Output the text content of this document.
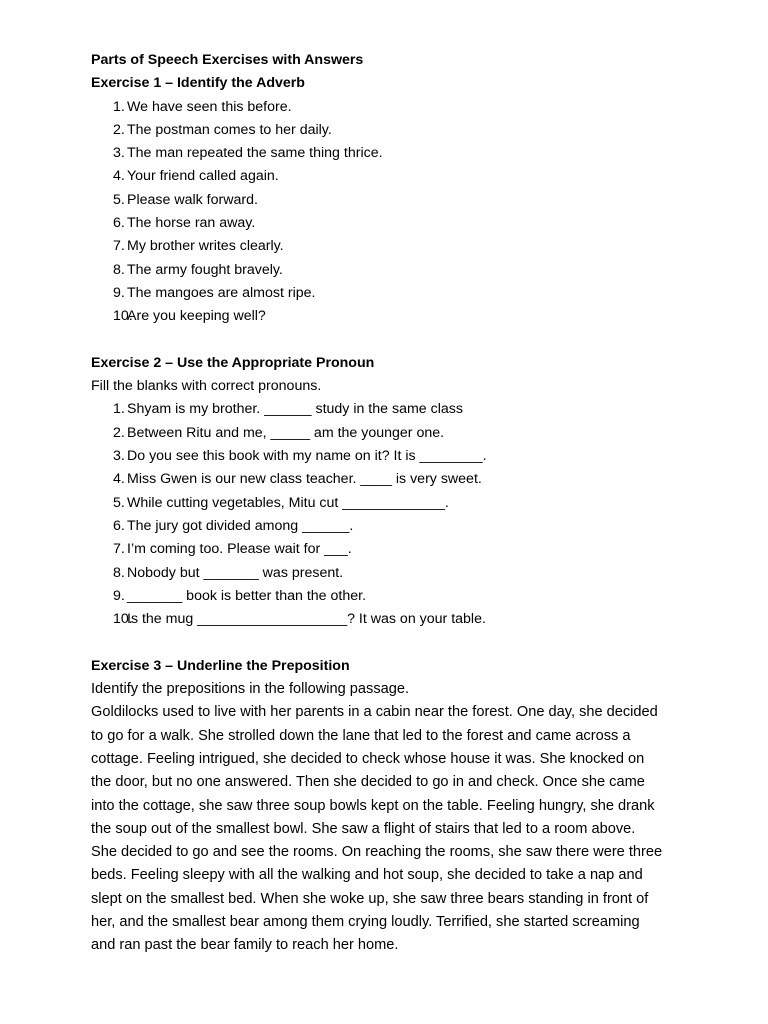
Parts of Speech Exercises with Answers
Exercise 1 – Identify the Adverb
1. We have seen this before.
2. The postman comes to her daily.
3. The man repeated the same thing thrice.
4. Your friend called again.
5. Please walk forward.
6. The horse ran away.
7. My brother writes clearly.
8. The army fought bravely.
9. The mangoes are almost ripe.
10.
Are you keeping well?
Exercise 2 – Use the Appropriate Pronoun
Fill the blanks with correct pronouns.
1. Shyam is my brother. ______ study in the same class
2. Between Ritu and me, _____ am the younger one.
3. Do you see this book with my name on it? It is ________.
4. Miss Gwen is our new class teacher. ____ is very sweet.
5. While cutting vegetables, Mitu cut _____________.
6. The jury got divided among ______.
7. I’m coming too. Please wait for ___.
8. Nobody but _______ was present.
9. _______ book is better than the other.
10.
Is the mug ___________________? It was on your table.
Exercise 3 – Underline the Preposition
Identify the prepositions in the following passage.
Goldilocks used to live with her parents in a cabin near the forest. One day, she decided
to go for a walk. She strolled down the lane that led to the forest and came across a
cottage. Feeling intrigued, she decided to check whose house it was. She knocked on
the door, but no one answered. Then she decided to go in and check. Once she came
into the cottage, she saw three soup bowls kept on the table. Feeling hungry, she drank
the soup out of the smallest bowl. She saw a flight of stairs that led to a room above.
She decided to go and see the rooms. On reaching the rooms, she saw there were three
beds. Feeling sleepy with all the walking and hot soup, she decided to take a nap and
slept on the smallest bed. When she woke up, she saw three bears standing in front of
her, and the smallest bear among them crying loudly. Terrified, she started screaming
and ran past the bear family to reach her home.
